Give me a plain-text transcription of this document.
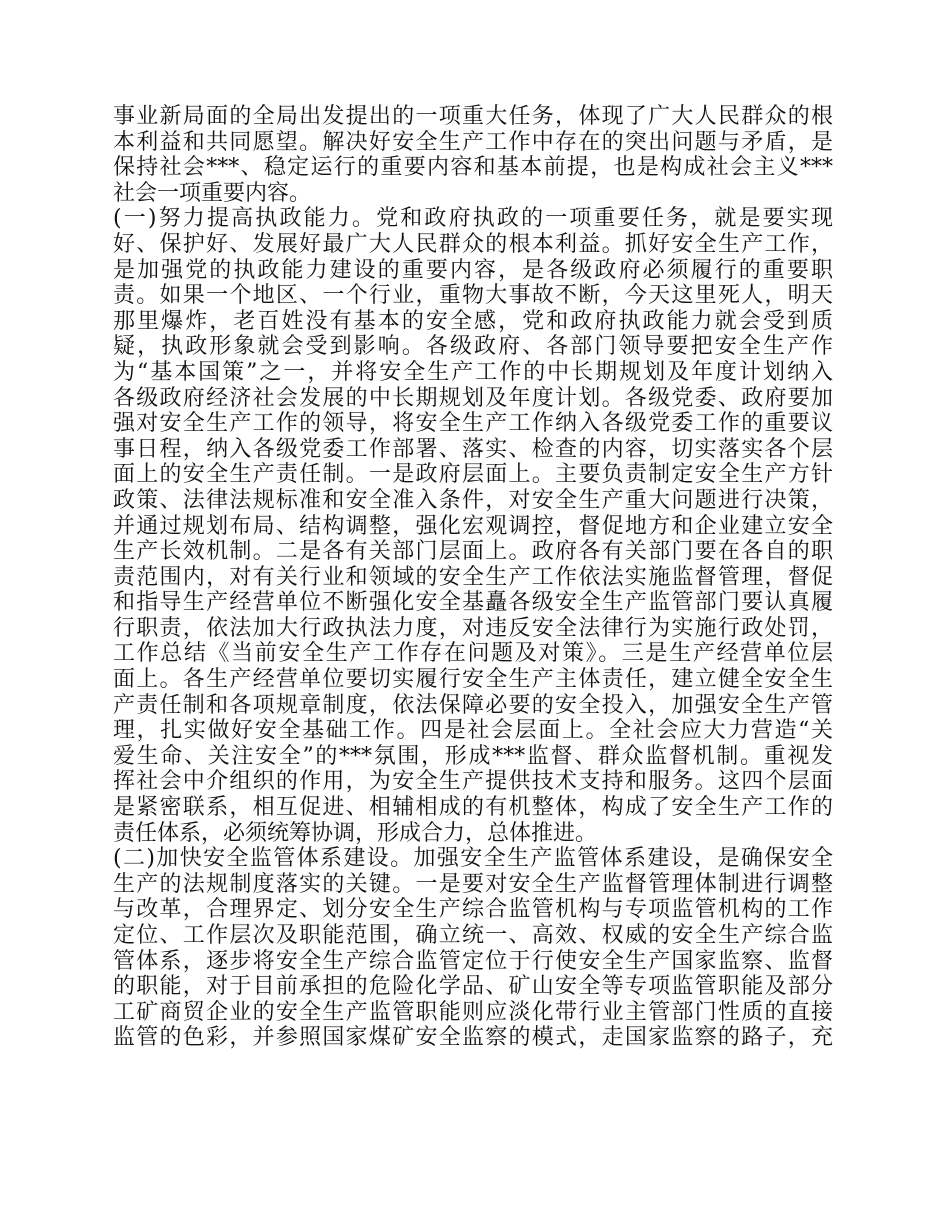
事业新局面的全局出发提出的一项重大任务，体现了广大人民群众的根
本利益和共同愿望。解决好安全生产工作中存在的突出问题与矛盾，是
保持社会***、稳定运行的重要内容和基本前提，也是构成社会主义***
社会一项重要内容。
(一)努力提高执政能力。党和政府执政的一项重要任务，就是要实现
好、保护好、发展好最广大人民群众的根本利益。抓好安全生产工作，
是加强党的执政能力建设的重要内容，是各级政府必须履行的重要职
责。如果一个地区、一个行业，重物大事故不断，今天这里死人，明天
那里爆炸，老百姓没有基本的安全感，党和政府执政能力就会受到质
疑，执政形象就会受到影响。各级政府、各部门领导要把安全生产作
为“基本国策”之一，并将安全生产工作的中长期规划及年度计划纳入
各级政府经济社会发展的中长期规划及年度计划。各级党委、政府要加
强对安全生产工作的领导，将安全生产工作纳入各级党委工作的重要议
事日程，纳入各级党委工作部署、落实、检查的内容，切实落实各个层
面上的安全生产责任制。一是政府层面上。主要负责制定安全生产方针
政策、法律法规标准和安全准入条件，对安全生产重大问题进行决策，
并通过规划布局、结构调整，强化宏观调控，督促地方和企业建立安全
生产长效机制。二是各有关部门层面上。政府各有关部门要在各自的职
责范围内，对有关行业和领域的安全生产工作依法实施监督管理，督促
和指导生产经营单位不断强化安全基矗各级安全生产监管部门要认真履
行职责，依法加大行政执法力度，对违反安全法律行为实施行政处罚，
工作总结《当前安全生产工作存在问题及对策》。三是生产经营单位层
面上。各生产经营单位要切实履行安全生产主体责任，建立健全安全生
产责任制和各项规章制度，依法保障必要的安全投入，加强安全生产管
理，扎实做好安全基础工作。四是社会层面上。全社会应大力营造“关
爱生命、关注安全”的***氛围，形成***监督、群众监督机制。重视发
挥社会中介组织的作用，为安全生产提供技术支持和服务。这四个层面
是紧密联系，相互促进、相辅相成的有机整体，构成了安全生产工作的
责任体系，必须统筹协调，形成合力，总体推进。
(二)加快安全监管体系建设。加强安全生产监管体系建设，是确保安全
生产的法规制度落实的关键。一是要对安全生产监督管理体制进行调整
与改革，合理界定、划分安全生产综合监管机构与专项监管机构的工作
定位、工作层次及职能范围，确立统一、高效、权威的安全生产综合监
管体系，逐步将安全生产综合监管定位于行使安全生产国家监察、监督
的职能，对于目前承担的危险化学品、矿山安全等专项监管职能及部分
工矿商贸企业的安全生产监管职能则应淡化带行业主管部门性质的直接
监管的色彩，并参照国家煤矿安全监察的模式，走国家监察的路子，充
